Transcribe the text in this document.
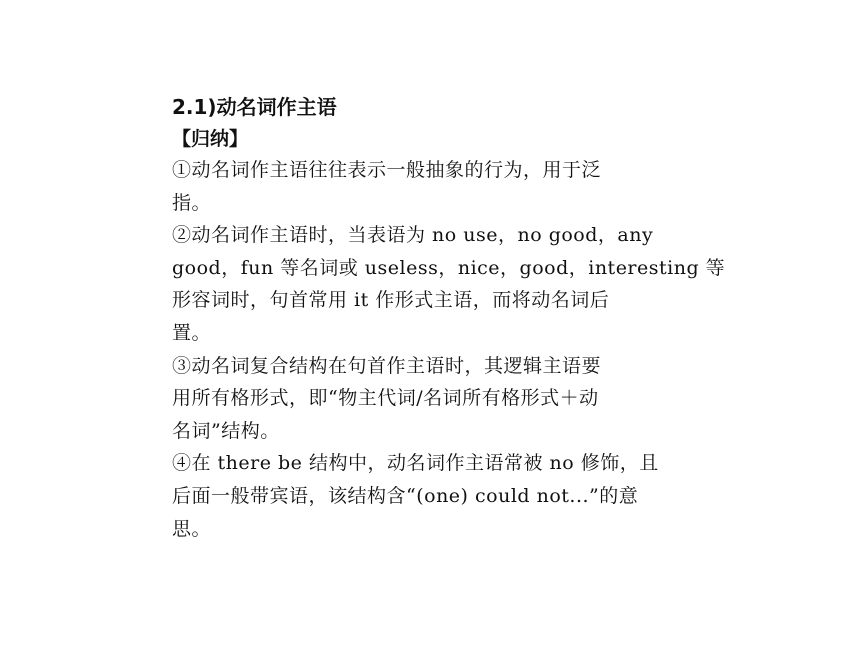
2.1)动名词作主语

【归纳】

①动名词作主语往往表示一般抽象的行为，用于泛

指。

②动名词作主语时，当表语为 no use，no good，any

good，fun 等名词或 useless，nice，good，interesting 等

形容词时，句首常用 it 作形式主语，而将动名词后

置。

③动名词复合结构在句首作主语时，其逻辑主语要

用所有格形式，即“物主代词/名词所有格形式＋动

名词”结构。

④在 there be 结构中，动名词作主语常被 no 修饰，且

后面一般带宾语，该结构含“(one) could not...”的意

思。
